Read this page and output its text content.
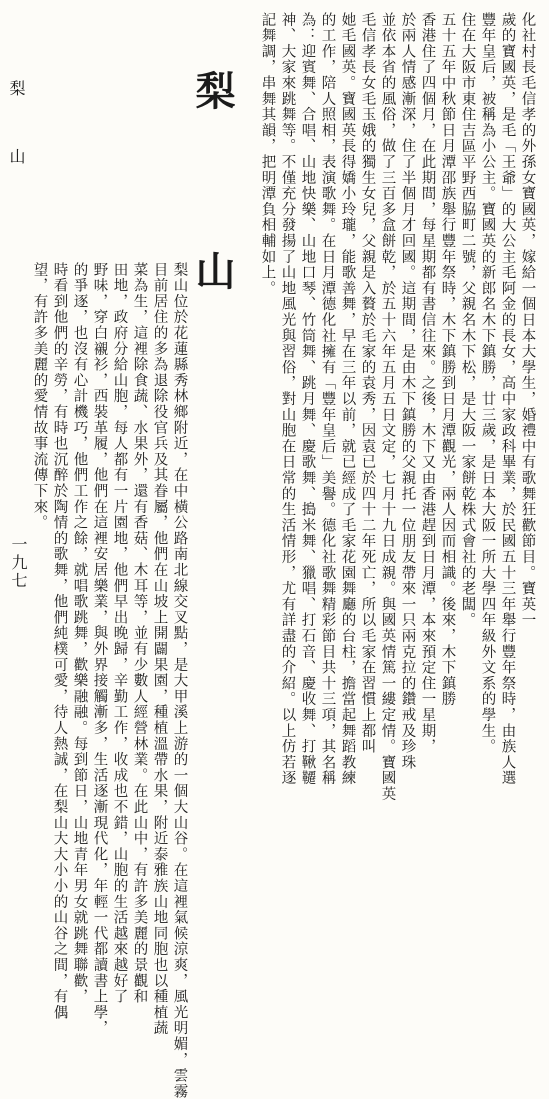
化社村長毛信孝的外孫女寶國英，嫁給一個日本大學生，婚禮中有歌舞狂歡節目。寶英一
歲的寶國英，是毛「王爺」的大公主毛阿金的長女，高中家政科畢業，於民國五十三年舉行豐年祭時，由族人選
豐年皇后，被稱為小公主。寶國英的新郎名木下鎮勝，廿三歲，是日本大阪一所大學四年級外文系的學生。
住在大阪市東住吉區平野西脇町二號，父親名木下松，是大阪一家餅乾株式會社的老闆。
五十五年中秋節日月潭邵族舉行豐年祭時，木下鎮勝到日月潭觀光，兩人因而相識。後來，木下鎮勝
香港住了四個月，在此期間，每星期都有書信往來。之後，木下又由香港趕到日月潭，本來預定住一星期，
於兩人情感漸深，住了半個月才回國。這期間，是由木下鎮勝的父親托一位朋友帶來一只兩克拉的鑽戒及珍珠
並依本省的風俗，做了三百多盒餅乾，於五十六年五月五日文定，七月十九日成親。與國英情篤一縷定情。寶國英
毛信孝長女毛玉娥的獨生女兒，父親是入贅於毛家的袁秀，因袁已於四十二年死亡，所以毛家在習慣上都叫
她毛國英。寶國英長得嬌小玲瓏，能歌善舞，早在三年以前，就已經成了毛家花園舞廳的台柱，擔當起舞蹈教練
的工作，陪人照相，表演歌舞。在日月潭德化社擁有「豐年皇后」美譽。德化社歌舞精彩節目共十三項，其名稱
為：迎賓舞、合唱、山地快樂、山地口琴、竹筒舞、跳月舞、慶歌舞、搗米舞、獵唱、打石音、慶收舞、打鞦韆
神、大家來跳舞等。不僅充分發揚了山地風光與習俗，對山胞在日常的生活情形，尤有詳盡的介紹。以上仿若逐
記舞調，串舞其韻，把明潭負相輔如上。
梨　山
梨山位於花蓮縣秀林鄉附近，在中橫公路南北線交叉點，是大甲溪上游的一個大山谷。在這裡氣候涼爽，風光明媚，雲霧
目前居住的多為退除役官兵及其眷屬，他們在山坡上開闢果園，種植溫帶水果，附近泰雅族山地同胞也以種植蔬
菜為生，這裡除食蔬、水果外，還有香菇、木耳等，並有少數人經營林業。在此山中，有許多美麗的景觀和
田地，政府分給山胞，每人都有一片園地，他們早出晚歸，辛勤工作，收成也不錯，山胞的生活越來越好了
野味，穿白襯衫，西裝革履，他們在這裡安居樂業，與外界接觸漸多，生活逐漸現代化，年輕一代都讀書上學，
的爭逐，也沒有心計機巧，他們工作之餘，就唱歌跳舞，歡樂融融。每到節日，山地青年男女就跳舞聯歡，
時看到他們的辛勞，有時也沉醉於陶情的歌舞，他們純樸可愛，待人熱誠，在梨山大大小小的山谷之間，有偶
望，有許多美麗的愛情故事流傳下來。
梨　山
一九七
